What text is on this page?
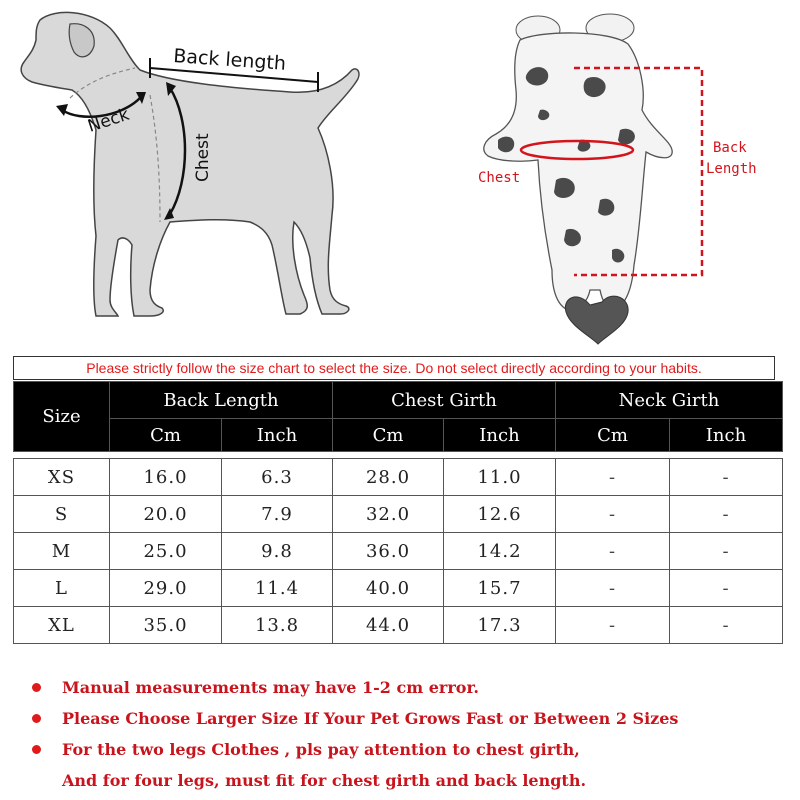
Back length
Neck
Chest	Chest
Back
Length
Please strictly follow the size chart to select the size. Do not select directly according to your habits.
Size	Back Length		Chest Girth		Neck Girth	
	Cm	Inch	Cm	Inch	Cm	Inch

XS	16.0	6.3	28.0	11.0	-	-
S	20.0	7.9	32.0	12.6	-	-
M	25.0	9.8	36.0	14.2	-	-
L	29.0	11.4	40.0	15.7	-	-
XL	35.0	13.8	44.0	17.3	-	-
Manual measurements may have 1-2 cm error.
Please Choose Larger Size If Your Pet Grows Fast or Between 2 Sizes
For the two legs Clothes , pls pay attention to chest girth,
And for four legs, must fit for chest girth and back length.
